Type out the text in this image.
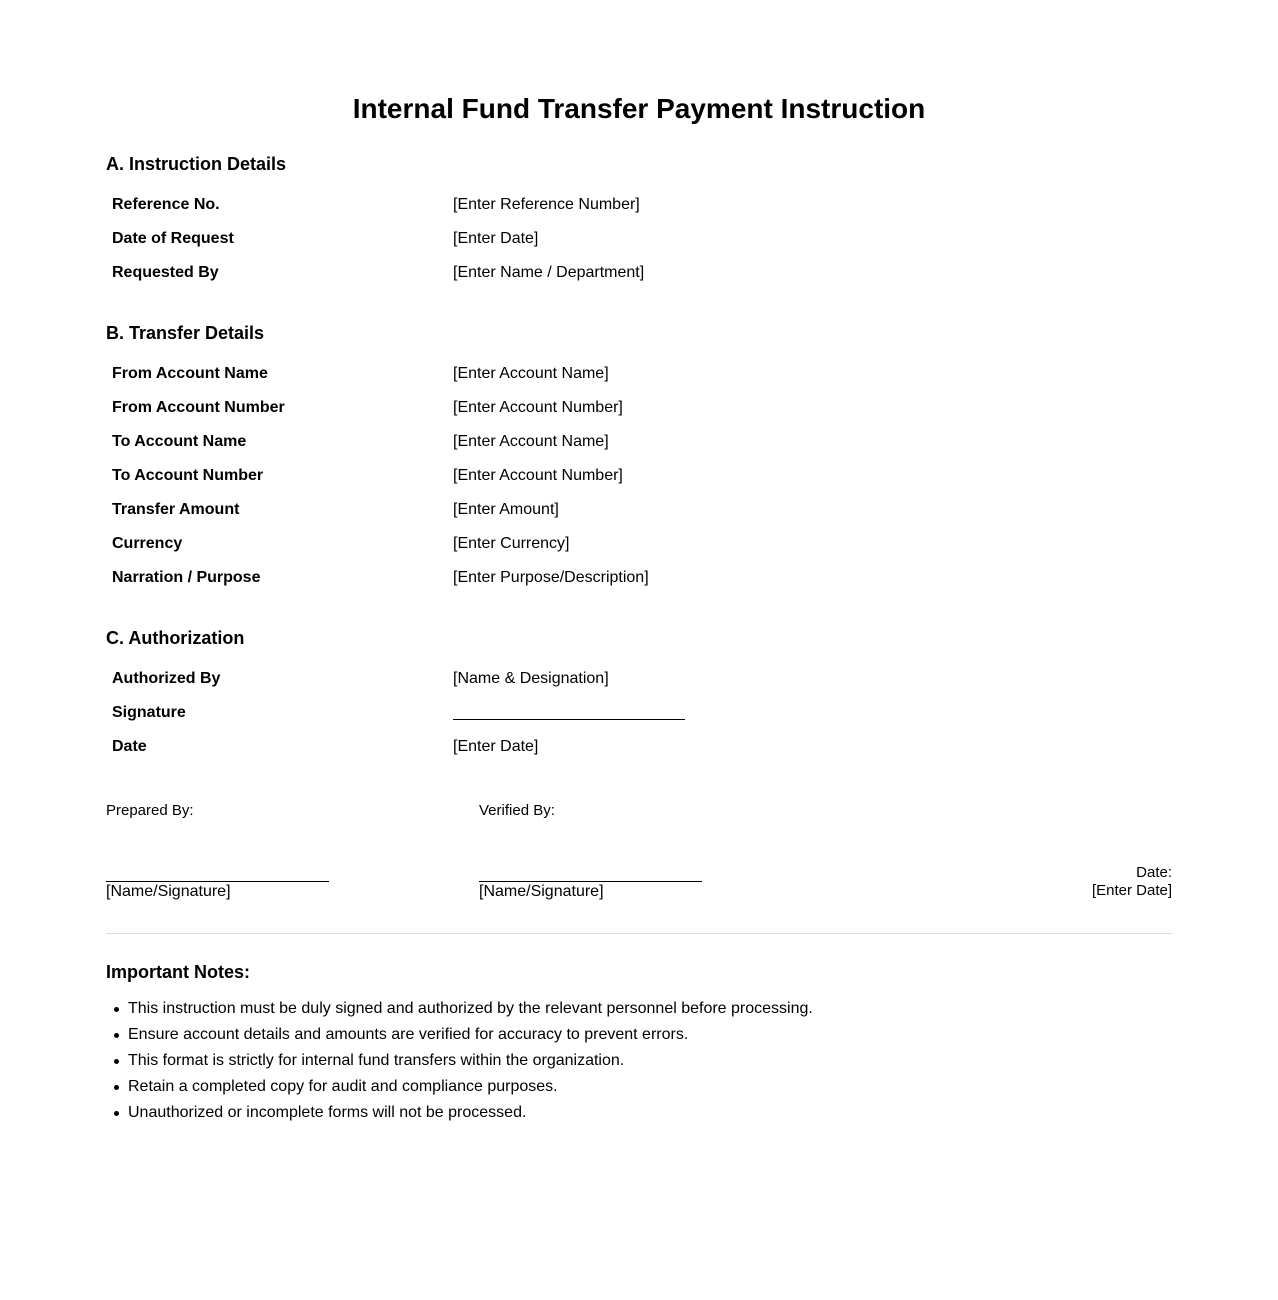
Internal Fund Transfer Payment Instruction
A. Instruction Details
Reference No.	[Enter Reference Number]
Date of Request	[Enter Date]
Requested By	[Enter Name / Department]
B. Transfer Details
From Account Name	[Enter Account Name]
From Account Number	[Enter Account Number]
To Account Name	[Enter Account Name]
To Account Number	[Enter Account Number]
Transfer Amount	[Enter Amount]
Currency	[Enter Currency]
Narration / Purpose	[Enter Purpose/Description]
C. Authorization
Authorized By	[Name & Designation]
Signature
Date	[Enter Date]
Prepared By:
[Name/Signature]
Verified By:
[Name/Signature]
Date:
[Enter Date]
Important Notes:
This instruction must be duly signed and authorized by the relevant personnel before processing.
Ensure account details and amounts are verified for accuracy to prevent errors.
This format is strictly for internal fund transfers within the organization.
Retain a completed copy for audit and compliance purposes.
Unauthorized or incomplete forms will not be processed.
